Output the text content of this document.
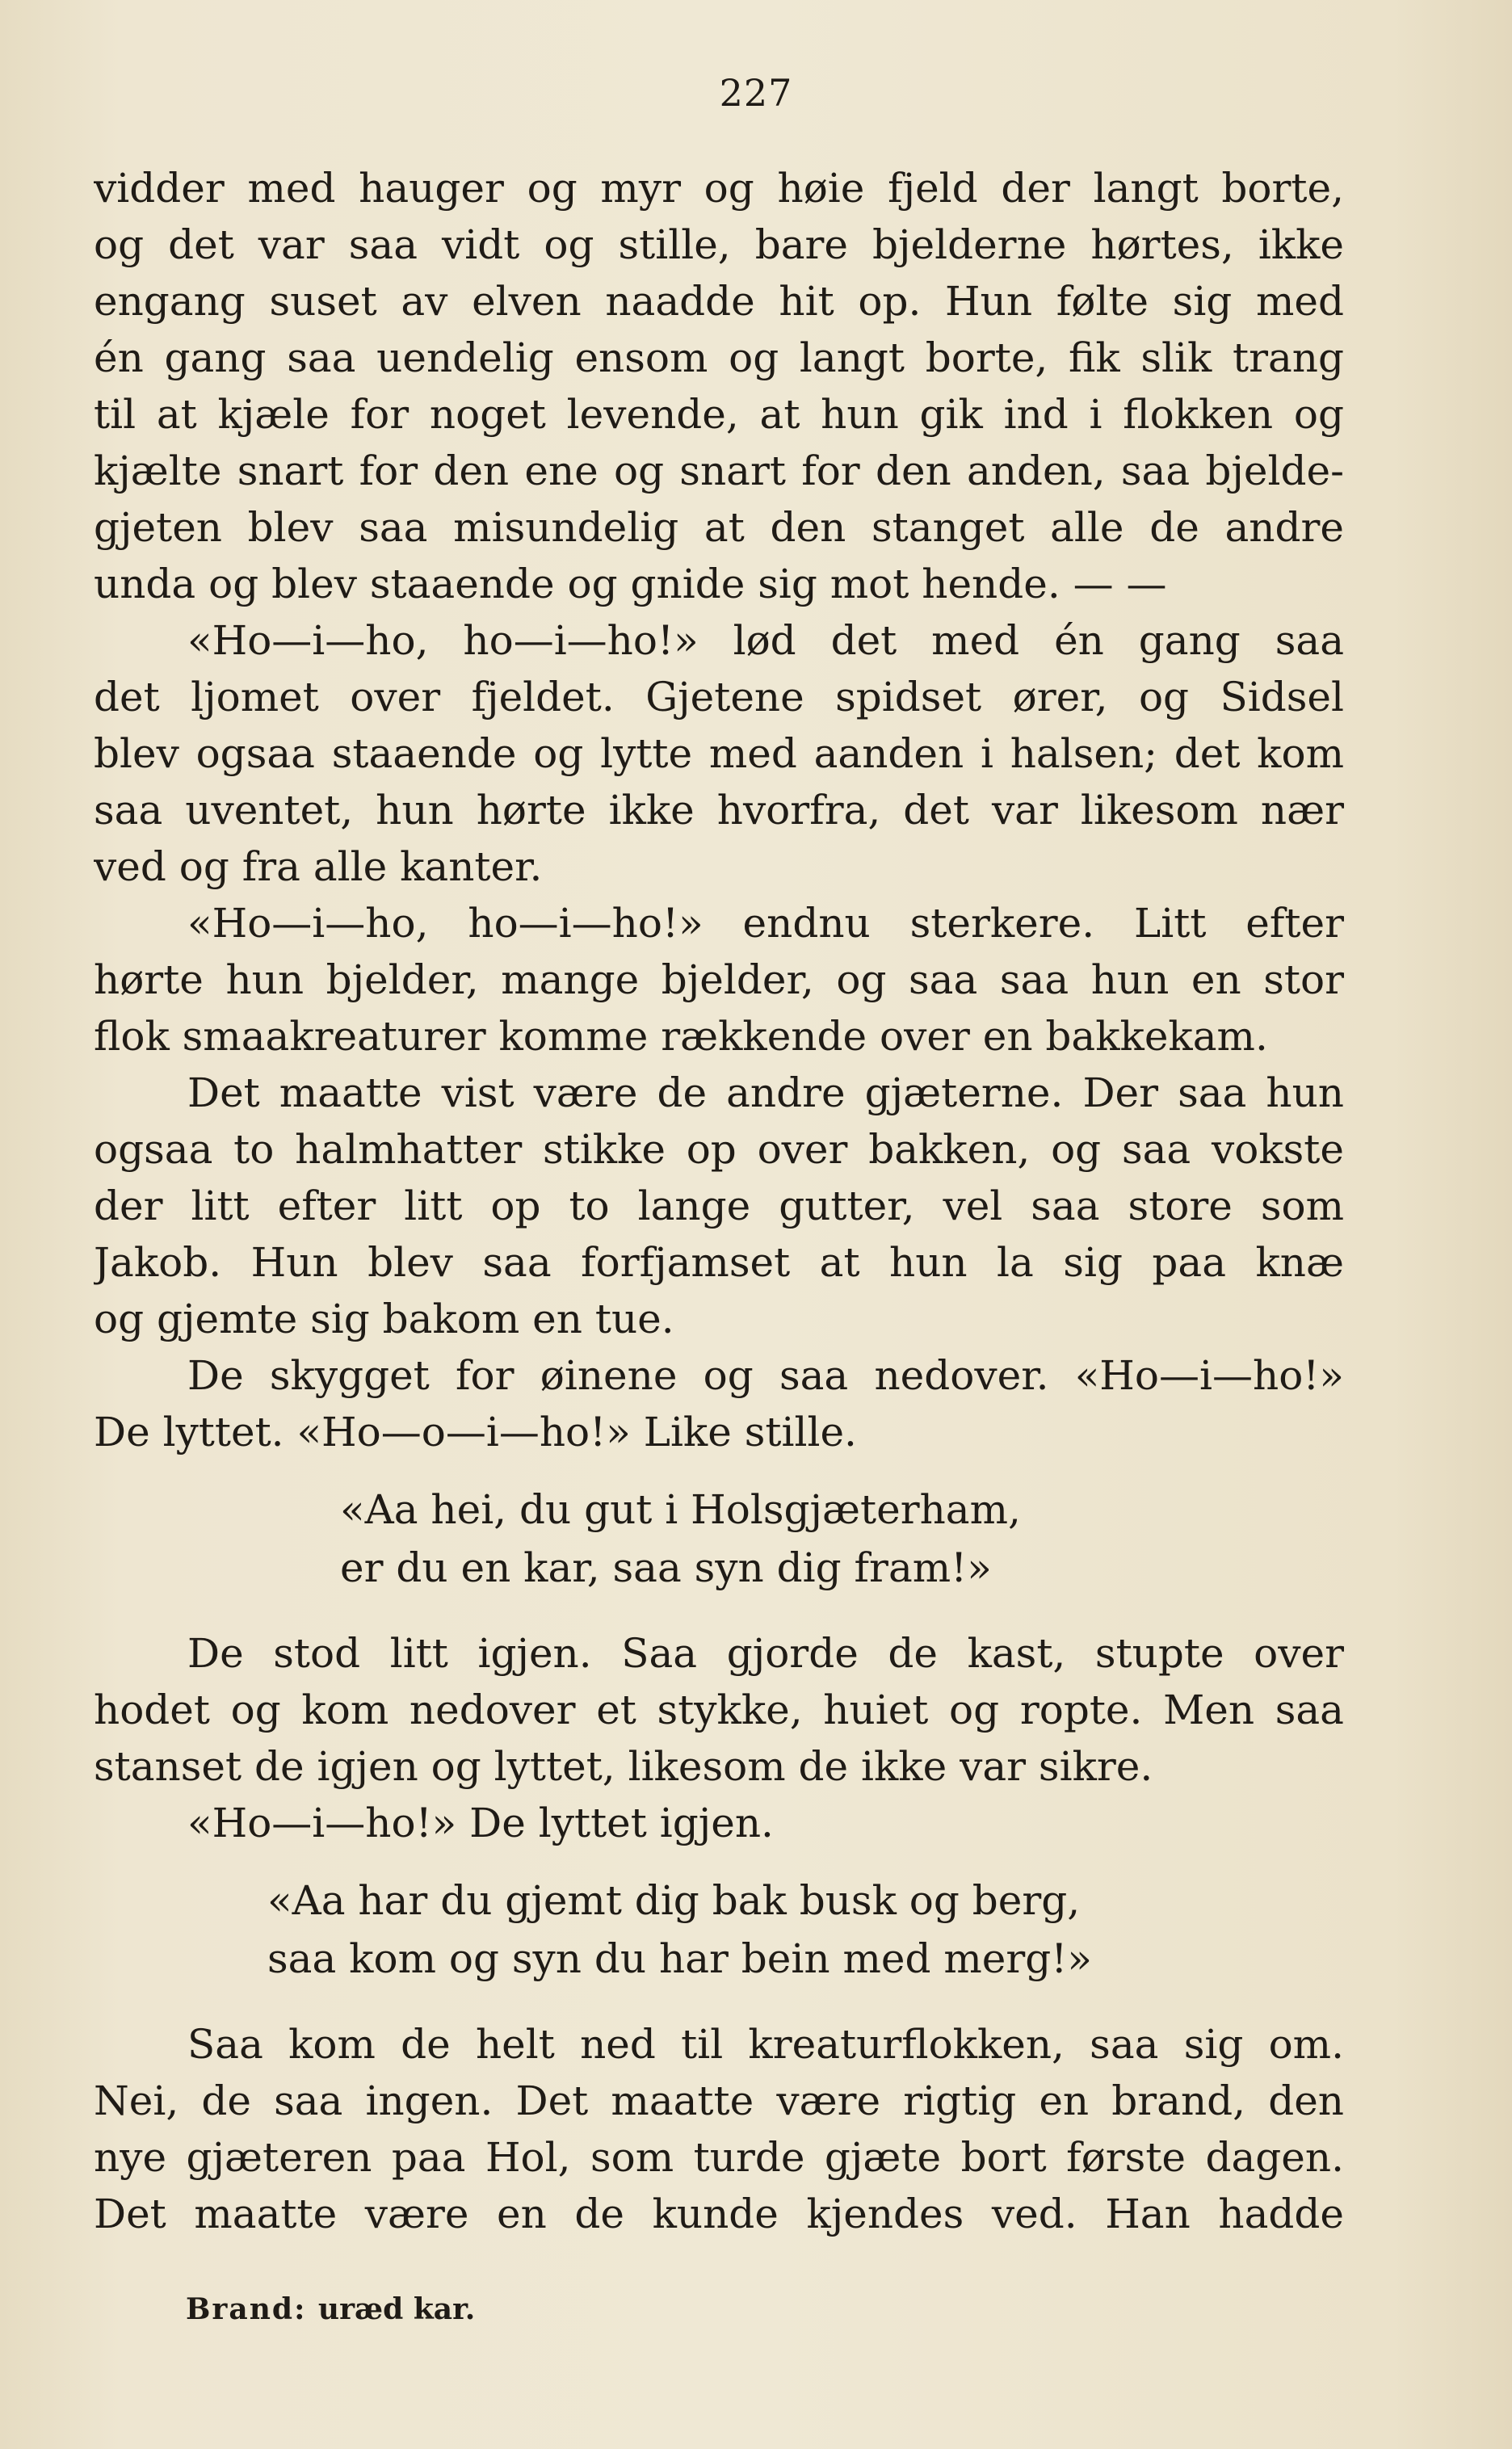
227
vidder med hauger og myr og høie fjeld der langt borte,
og det var saa vidt og stille, bare bjelderne hørtes, ikke
engang suset av elven naadde hit op. Hun følte sig med
én gang saa uendelig ensom og langt borte, fik slik trang
til at kjæle for noget levende, at hun gik ind i flokken og
kjælte snart for den ene og snart for den anden, saa bjelde-
gjeten blev saa misundelig at den stanget alle de andre
unda og blev staaende og gnide sig mot hende. — —
«Ho—i—ho, ho—i—ho!» lød det med én gang saa
det ljomet over fjeldet. Gjetene spidset ører, og Sidsel
blev ogsaa staaende og lytte med aanden i halsen; det kom
saa uventet, hun hørte ikke hvorfra, det var likesom nær
ved og fra alle kanter.
«Ho—i—ho, ho—i—ho!» endnu sterkere. Litt efter
hørte hun bjelder, mange bjelder, og saa saa hun en stor
flok smaakreaturer komme rækkende over en bakkekam.
Det maatte vist være de andre gjæterne. Der saa hun
ogsaa to halmhatter stikke op over bakken, og saa vokste
der litt efter litt op to lange gutter, vel saa store som
Jakob. Hun blev saa forfjamset at hun la sig paa knæ
og gjemte sig bakom en tue.
De skygget for øinene og saa nedover. «Ho—i—ho!»
De lyttet. «Ho—o—i—ho!» Like stille.
«Aa hei, du gut i Holsgjæterham,
er du en kar, saa syn dig fram!»
De stod litt igjen. Saa gjorde de kast, stupte over
hodet og kom nedover et stykke, huiet og ropte. Men saa
stanset de igjen og lyttet, likesom de ikke var sikre.
«Ho—i—ho!» De lyttet igjen.
«Aa har du gjemt dig bak busk og berg,
saa kom og syn du har bein med merg!»
Saa kom de helt ned til kreaturflokken, saa sig om.
Nei, de saa ingen. Det maatte være rigtig en brand, den
nye gjæteren paa Hol, som turde gjæte bort første dagen.
Det maatte være en de kunde kjendes ved. Han hadde
Brand: uræd kar.
